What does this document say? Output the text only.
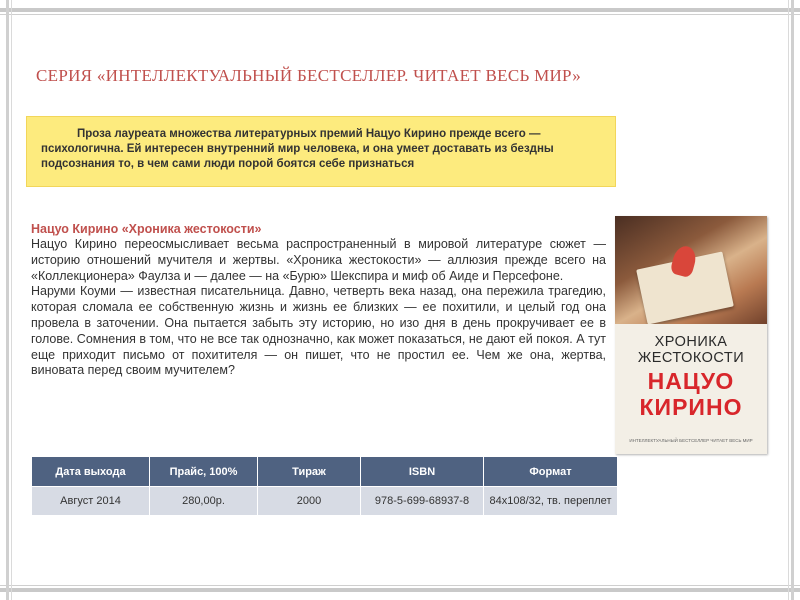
СЕРИЯ «ИНТЕЛЛЕКТУАЛЬНЫЙ БЕСТСЕЛЛЕР. ЧИТАЕТ ВЕСЬ МИР»
Проза лауреата множества литературных премий Нацуо Кирино прежде всего — психологична. Ей интересен внутренний мир человека, и она умеет доставать из бездны подсознания то, в чем сами люди порой боятся себе признаться
Нацуо Кирино «Хроника жестокости»

Нацуо Кирино переосмысливает весьма распространенный в мировой литературе сюжет — историю отношений мучителя и жертвы. «Хроника жестокости» — аллюзия прежде всего на «Коллекционера» Фаулза и — далее — на «Бурю» Шекспира и миф об Аиде и Персефоне.

Наруми Коуми — известная писательница. Давно, четверть века назад, она пережила трагедию, которая сломала ее собственную жизнь и жизнь ее близких — ее похитили, и целый год она провела в заточении. Она пытается забыть эту историю, но изо дня в день прокручивает ее в голове. Сомнения в том, что не все так однозначно, как может показаться, не дают ей покоя. А тут еще приходит письмо от похитителя — он пишет, что не простил ее. Чем же она, жертва, виновата перед своим мучителем?

ХРОНИКА
ЖЕСТОКОСТИ
НАЦУО
КИРИНО
ИНТЕЛЛЕКТУАЛЬНЫЙ БЕСТСЕЛЛЕР ЧИТАЕТ ВЕСЬ МИР
Дата выхода	Прайс, 100%	Тираж	ISBN	Формат
Август 2014	280,00р.	2000	978-5-699-68937-8	84х108/32, тв. переплет
